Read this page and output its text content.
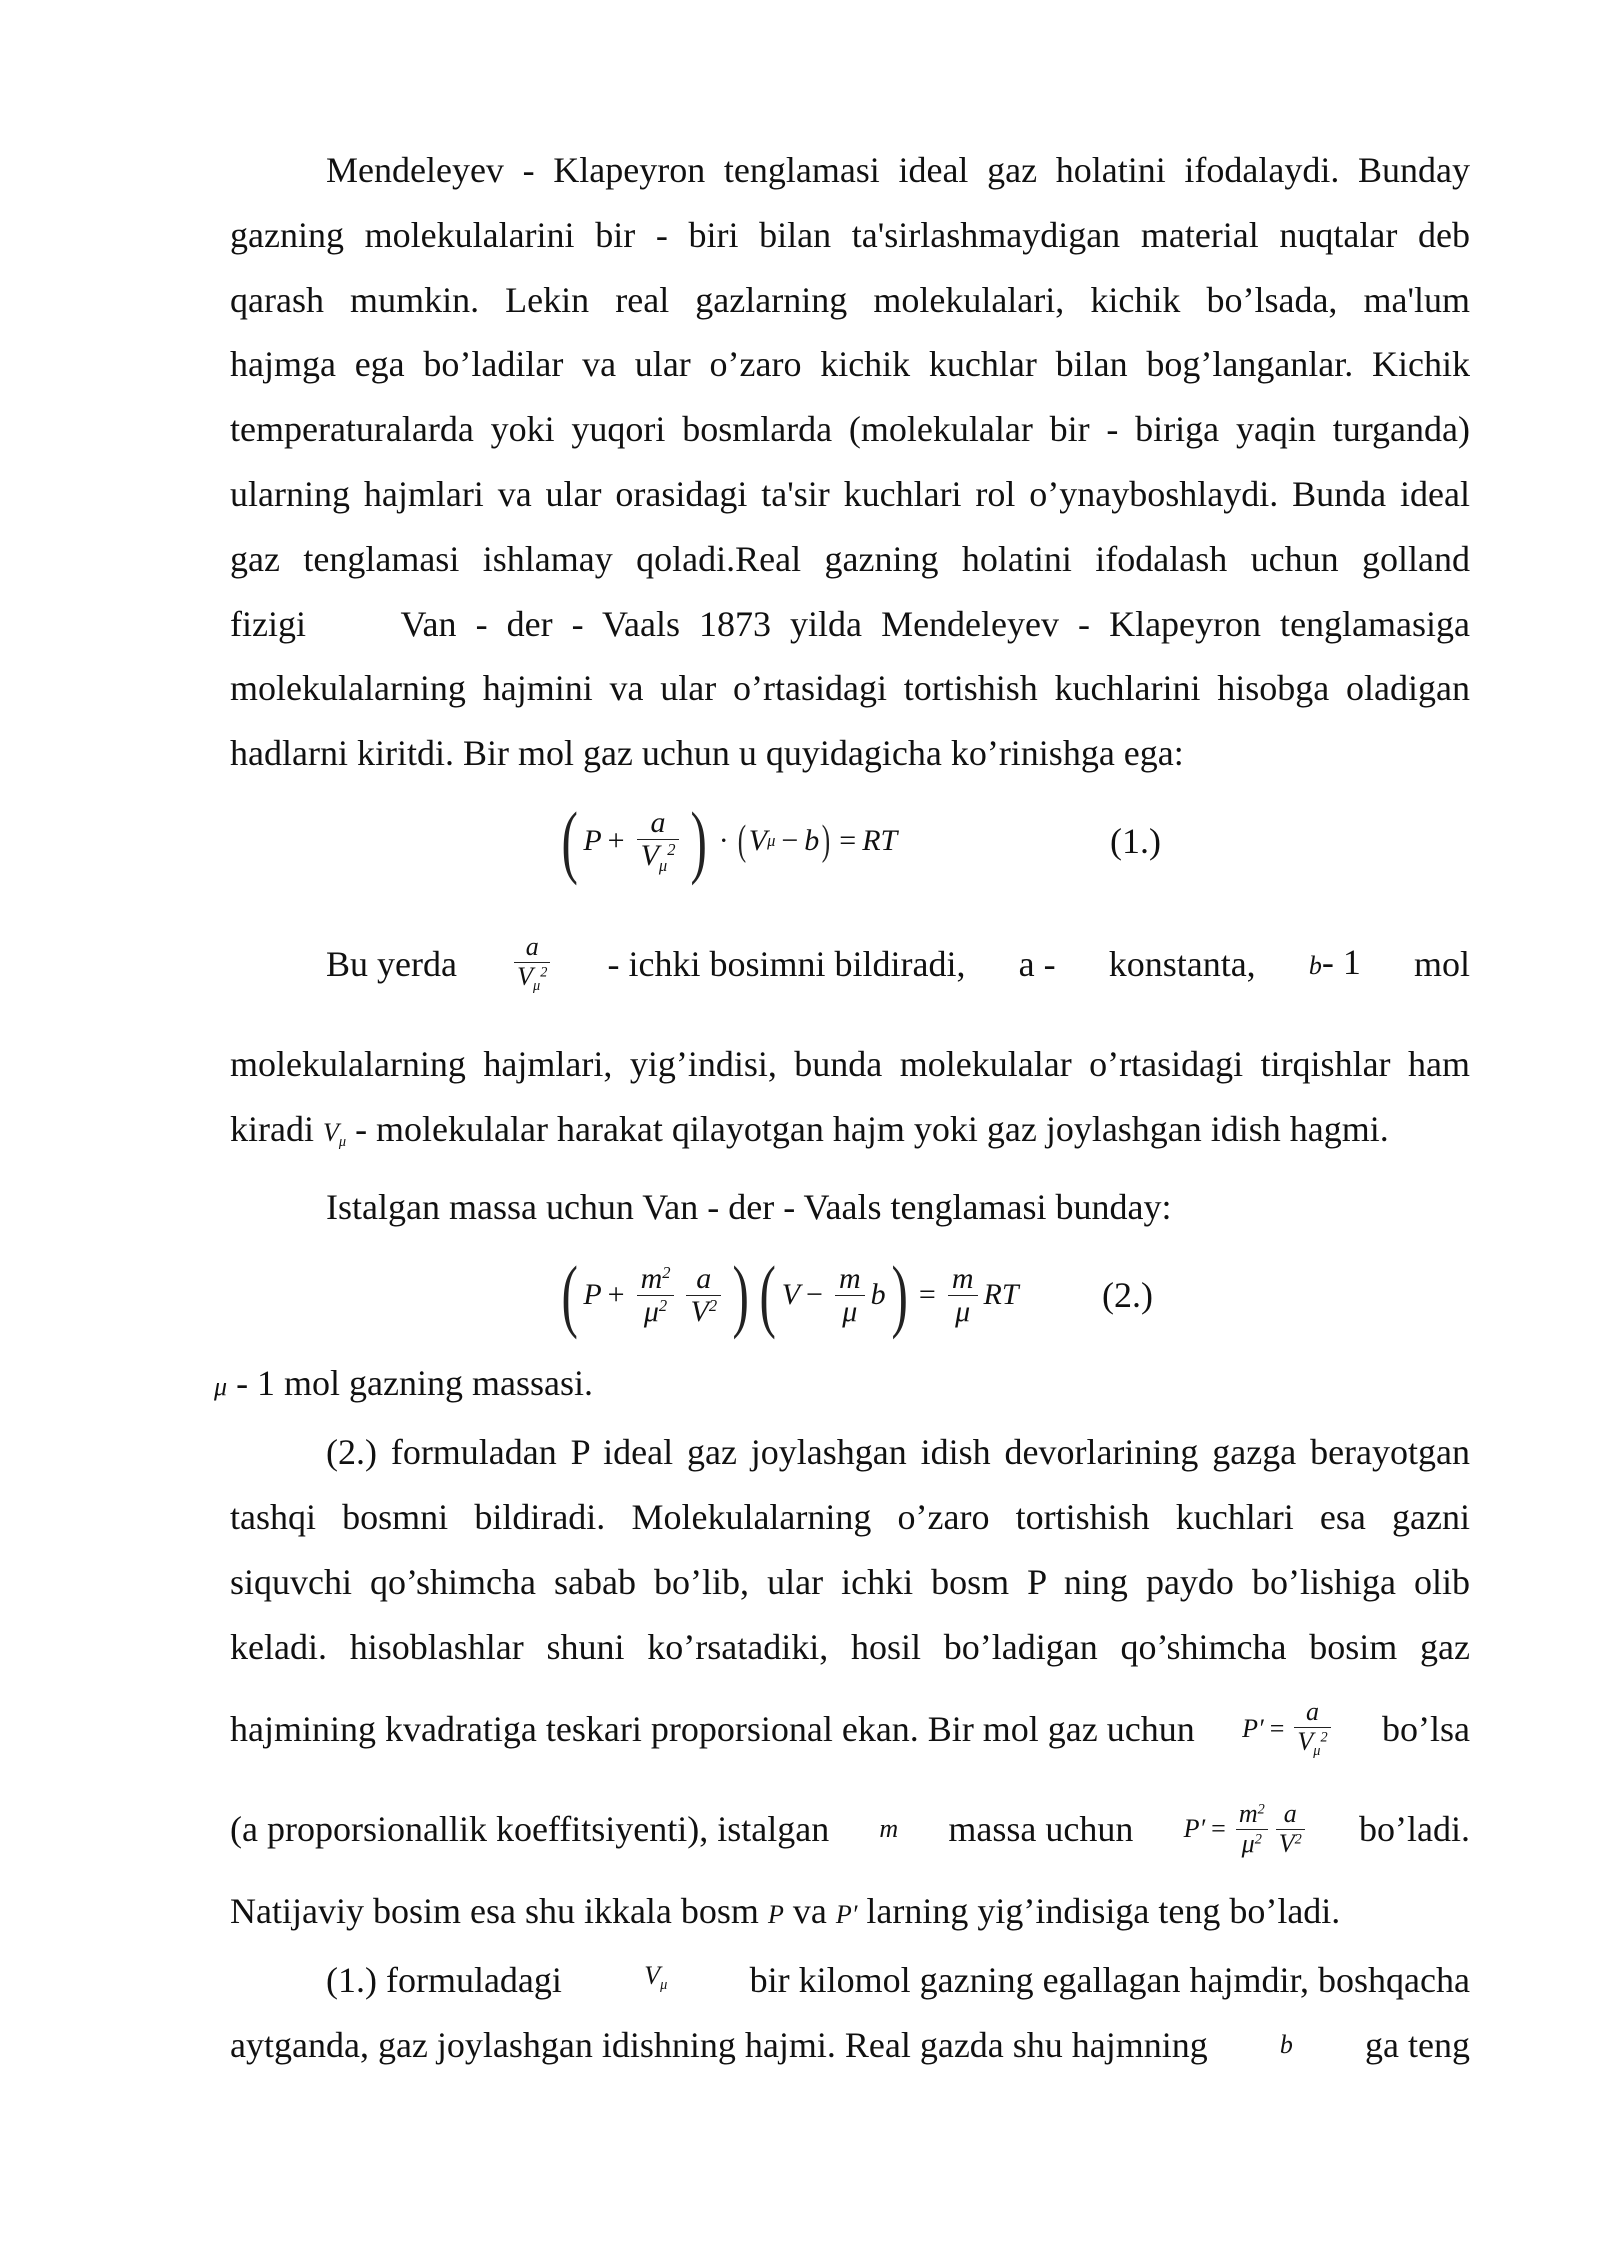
Mendeleyev - Klapeyron tenglamasi ideal gaz holatini ifodalaydi. Bunday

gazning molekulalarini bir - biri bilan ta'sirlashmaydigan material nuqtalar deb

qarash mumkin. Lekin real gazlarning molekulalari, kichik bo’lsada, ma'lum

hajmga ega bo’ladilar va ular o’zaro kichik kuchlar bilan bog’langanlar. Kichik

temperaturalarda yoki yuqori bosmlarda (molekulalar bir - biriga yaqin turganda)

ularning hajmlari va ular orasidagi ta'sir kuchlari rol o’ynayboshlaydi. Bunda ideal

gaz tenglamasi ishlamay qoladi.Real gazning holatini ifodalash uchun golland

fizigi     Van - der - Vaals 1873 yilda Mendeleyev - Klapeyron tenglamasiga

molekulalarning hajmini va ular o’rtasidagi tortishish kuchlarini hisobga oladigan

hadlarni kiritdi. Bir mol gaz uchun u quyidagicha ko’rinishga ega:

( $P + \frac{a}{V_\mu^2}$ ) · ( V μ − b ) = RT	(1.)
Bu yerda $\frac{a}{V_\mu^2}$ - ichki bosimni bildiradi, a - konstanta, b- 1 mol

molekulalarning hajmlari, yig’indisi, bunda molekulalar o’rtasidagi tirqishlar ham

kiradi $V_\mu$ - molekulalar harakat qilayotgan hajm yoki gaz joylashgan idish hagmi.

Istalgan massa uchun Van - der - Vaals tenglamasi bunday:

( $P + \frac{m^2}{\mu^2} \frac{a}{V^2}$ ) ( $V - \frac{m}{\mu}$ b ) = $\frac{m}{\mu}$ RT (2.)

μ - 1 mol gazning massasi.

(2.) formuladan P ideal gaz joylashgan idish devorlarining gazga berayotgan

tashqi bosmni bildiradi. Molekulalarning o’zaro tortishish kuchlari esa gazni

siquvchi qo’shimcha sabab bo’lib, ular ichki bosm P ning paydo bo’lishiga olib

keladi. hisoblashlar shuni ko’rsatadiki, hosil bo’ladigan qo’shimcha bosim gaz

hajmining kvadratiga teskari proporsional ekan. Bir mol gaz uchun $P' = \frac{a}{V_\mu^2}$ bo’lsa
(a proporsionallik koeffitsiyenti), istalgan m massa uchun $P' = \frac{m^2}{\mu^2} \frac{a}{V^2}$ bo’ladi.

Natijaviy bosim esa shu ikkala bosm P va P′ larning yig’indisiga teng bo’ladi.

(1.) formuladagi	$V_\mu$ bir kilomol gazning egallagan hajmdir, boshqacha
aytganda, gaz joylashgan idishning hajmi. Real gazda shu hajmning	b ga teng
